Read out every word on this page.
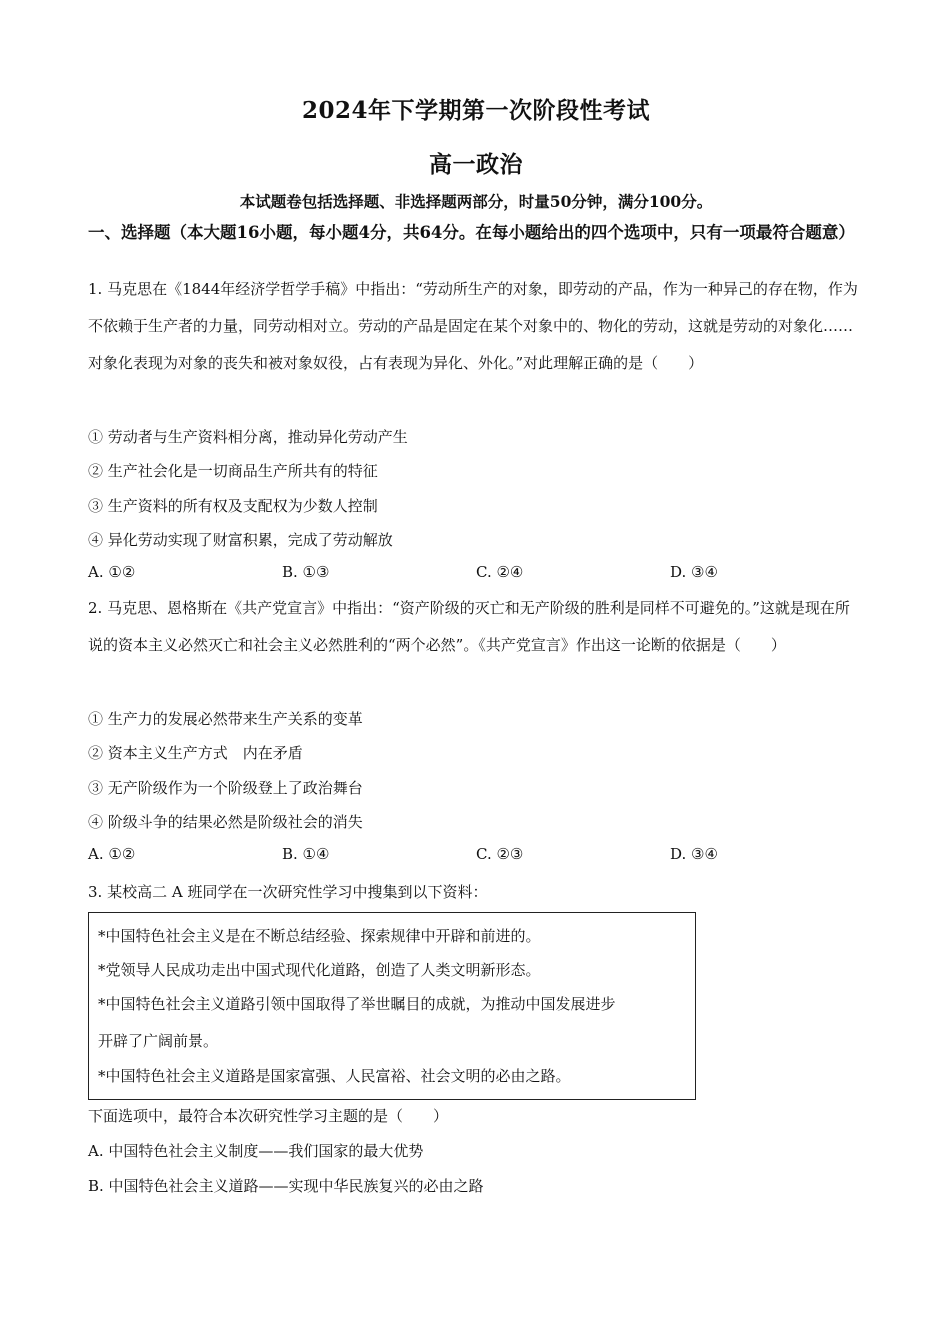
2024年下学期第一次阶段性考试
高一政治
本试题卷包括选择题、非选择题两部分，时量50分钟，满分100分。
一、选择题（本大题16小题，每小题4分，共64分。在每小题给出的四个选项中，只有一项最符合题意）
1. 马克思在《1844年经济学哲学手稿》中指出：“劳动所生产的对象，即劳动的产品，作为一种异己的存在物，作为不依赖于生产者的力量，同劳动相对立。劳动的产品是固定在某个对象中的、物化的劳动，这就是劳动的对象化……对象化表现为对象的丧失和被对象奴役，占有表现为异化、外化。”对此理解正确的是（　　）
① 劳动者与生产资料相分离，推动异化劳动产生
② 生产社会化是一切商品生产所共有的特征
③ 生产资料的所有权及支配权为少数人控制
④ 异化劳动实现了财富积累，完成了劳动解放
A. ①②	B. ①③	C. ②④	D. ③④
2. 马克思、恩格斯在《共产党宣言》中指出：“资产阶级的灭亡和无产阶级的胜利是同样不可避免的。”这就是现在所说的资本主义必然灭亡和社会主义必然胜利的“两个必然”。《共产党宣言》作出这一论断的依据是（　　）
① 生产力的发展必然带来生产关系的变革
② 资本主义生产方式　内在矛盾
③ 无产阶级作为一个阶级登上了政治舞台
④ 阶级斗争的结果必然是阶级社会的消失
A. ①②	B. ①④	C. ②③	D. ③④
3. 某校高二 A 班同学在一次研究性学习中搜集到以下资料：
*中国特色社会主义是在不断总结经验、探索规律中开辟和前进的。
*党领导人民成功走出中国式现代化道路，创造了人类文明新形态。
*中国特色社会主义道路引领中国取得了举世瞩目的成就，为推动中国发展进步
开辟了广阔前景。
*中国特色社会主义道路是国家富强、人民富裕、社会文明的必由之路。
下面选项中，最符合本次研究性学习主题的是（　　）
A. 中国特色社会主义制度——我们国家的最大优势
B. 中国特色社会主义道路——实现中华民族复兴的必由之路
